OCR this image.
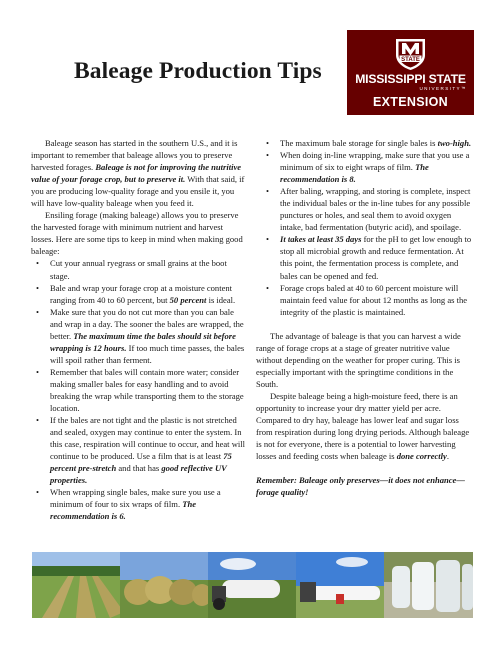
Baleage Production Tips	STATE
MISSISSIPPI STATE
UNIVERSITY™
EXTENSION

Baleage season has started in the southern U.S., and it is important to remember that baleage allows you to preserve harvested forages. Baleage is not for improving the nutritive value of your forage crop, but to preserve it. With that said, if you are producing low-quality forage and you ensile it, you will have low-quality baleage when you feed it.

Ensiling forage (making baleage) allows you to preserve the harvested forage with minimum nutrient and harvest losses. Here are some tips to keep in mind when making good baleage:

• Cut your annual ryegrass or small grains at the boot stage.
• Bale and wrap your forage crop at a moisture content ranging from 40 to 60 percent, but 50 percent is ideal.
• Make sure that you do not cut more than you can bale and wrap in a day. The sooner the bales are wrapped, the better. The maximum time the bales should sit before wrapping is 12 hours. If too much time passes, the bales will spoil rather than ferment.
• Remember that bales will contain more water; consider making smaller bales for easy handling and to avoid breaking the wrap while transporting them to the storage location.
• If the bales are not tight and the plastic is not stretched and sealed, oxygen may continue to enter the system. In this case, respiration will continue to occur, and heat will continue to be produced. Use a film that is at least 75 percent pre-stretch and that has good reflective UV properties.
• When wrapping single bales, make sure you use a minimum of four to six wraps of film. The recommendation is 6.
• The maximum bale storage for single bales is two-high.
• When doing in-line wrapping, make sure that you use a minimum of six to eight wraps of film. The recommendation is 8.
• After baling, wrapping, and storing is complete, inspect the individual bales or the in-line tubes for any possible punctures or holes, and seal them to avoid oxygen intake, bad fermentation (butyric acid), and spoilage.
• It takes at least 35 days for the pH to get low enough to stop all microbial growth and reduce fermentation. At this point, the fermentation process is complete, and bales can be opened and fed.
• Forage crops baled at 40 to 60 percent moisture will maintain feed value for about 12 months as long as the integrity of the plastic is maintained.

The advantage of baleage is that you can harvest a wide range of forage crops at a stage of greater nutritive value without depending on the weather for proper curing. This is especially important with the springtime conditions in the South.

Despite baleage being a high-moisture feed, there is an opportunity to increase your dry matter yield per acre. Compared to dry hay, baleage has lower leaf and sugar loss from respiration during long drying periods. Although baleage is not for everyone, there is a potential to lower harvesting losses and feeding costs when baleage is done correctly.

Remember: Baleage only preserves—it does not enhance—forage quality!
